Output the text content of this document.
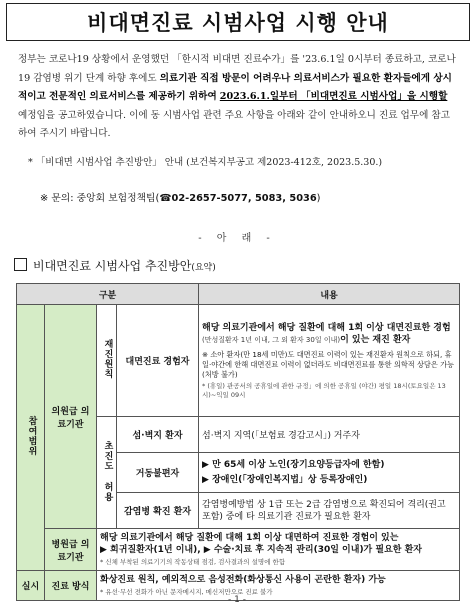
비대면진료 시범사업 시행 안내

정부는 코로나19 상황에서 운영했던 「한시적 비대면 진료수가」를 '23.6.1일 0시부터 종료하고, 코로나19 감염병 위기 단계 하향 후에도 의료기관 직접 방문이 어려우나 의료서비스가 필요한 환자들에게 상시적이고 전문적인 의료서비스를 제공하기 위하여 2023.6.1.일부터 「비대면진료 시범사업」을 시행할 예정임을 공고하였습니다. 이에 동 시범사업 관련 주요 사항을 아래와 같이 안내하오니 진료 업무에 참고하여 주시기 바랍니다.

* 「비대면 시범사업 추진방안」 안내 (보건복지부공고 제2023-412호, 2023.5.30.)
※ 문의: 중앙회 보험정책팀(☎02-2657-5077, 5083, 5036)
- 아 래 -
비대면진료 시범사업 추진방안(요약)
구분				내용
참여범위	의원급 의료기관	재진원칙	대면진료 경험자	해당 의료기관에서 해당 질환에 대해 1회 이상 대면진료한 경험(만성질환자 1년 이내, 그 외 환자 30일 이내)이 있는 재진 환자
※ 소아 환자(만 18세 미만)도 대면진료 이력이 있는 재진환자 원칙으로 하되, 휴일·야간에 한해 대면진료 이력이 없더라도 비대면진료를 통한 의학적 상담은 가능(처방 불가)
* (휴일) 관공서의 공휴일에 관한 규정」에 의한 공휴일 (야간) 평일 18시(토요일은 13시)~익일 09시

		초진도 허용	섬·벽지 환자	섬·벽지 지역(「보험료 경감고시」) 거주자
			거동불편자	▶ 만 65세 이상 노인(장기요양등급자에 한함)
▶ 장애인(「장애인복지법」상 등록장애인)

			감염병 확진 환자	감염병예방법 상 1급 또는 2급 감염병으로 확진되어 격리(권고 포함) 중에 타 의료기관 진료가 필요한 환자
	병원급 의료기관	해당 의료기관에서 해당 질환에 대해 1회 이상 대면하여 진료한 경험이 있는
▶ 희귀질환자(1년 이내), ▶ 수술·치료 후 지속적 관리(30일 이내)가 필요한 환자
* 신체 부착된 의료기기의 작동상태 점검, 검사결과의 설명에 한함		

실시	진료 방식	화상진료 원칙, 예외적으로 음성전화(화상통신 사용이 곤란한 환자) 가능
* 유선·무선 전화가 아닌 문자메시지, 메신저만으로 진료 불가		
- 1 -
